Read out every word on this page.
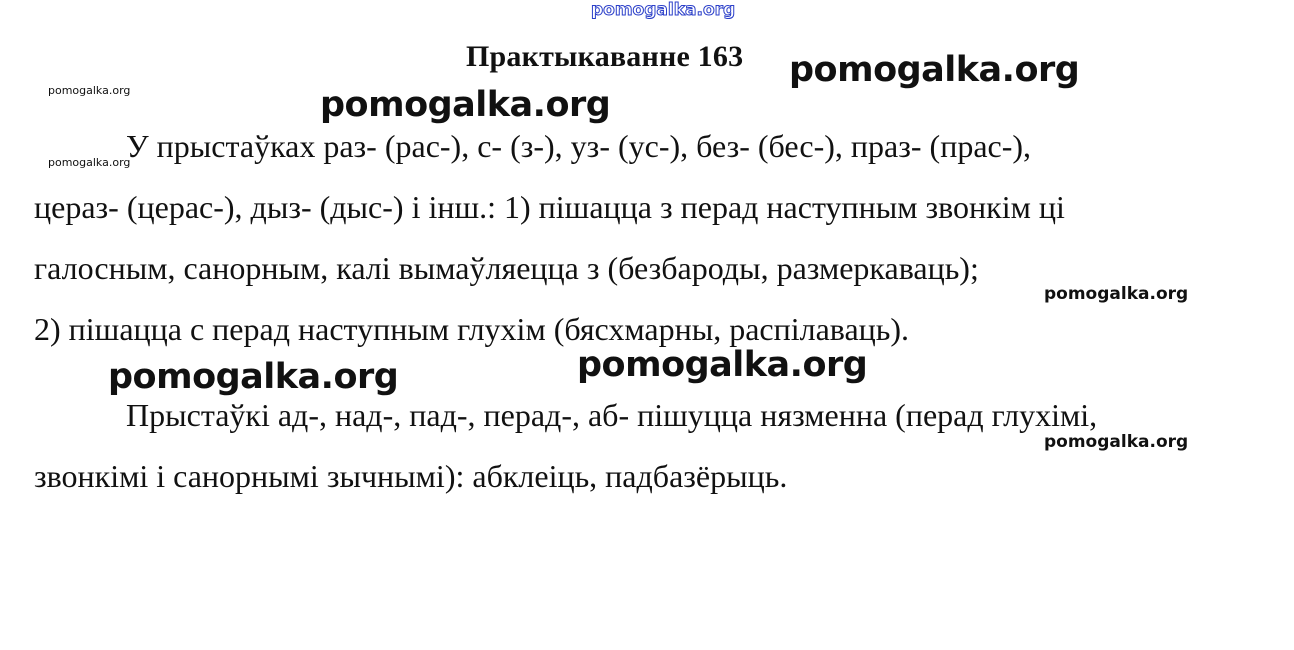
pomogalka.org
Практыкаванне 163
У прыстаўках раз- (рас-), с- (з-), уз- (ус-), без- (бес-), праз- (прас-),
цераз- (церас-), дыз- (дыс-) і інш.: 1) пішацца з перад наступным звонкім ці
галосным, санорным, калі вымаўляецца з (безбароды, размеркаваць);
2) пішацца с перад наступным глухім (бясхмарны, распілаваць).
Прыстаўкі ад-, над-, пад-, перад-, аб- пішуцца нязменна (перад глухімі,
звонкімі і санорнымі зычнымі): абклеіць, падбазёрыць.
pomogalka.org
pomogalka.org
pomogalka.org	pomogalka.org
pomogalka.org
pomogalka.org
pomogalka.org
pomogalka.org
